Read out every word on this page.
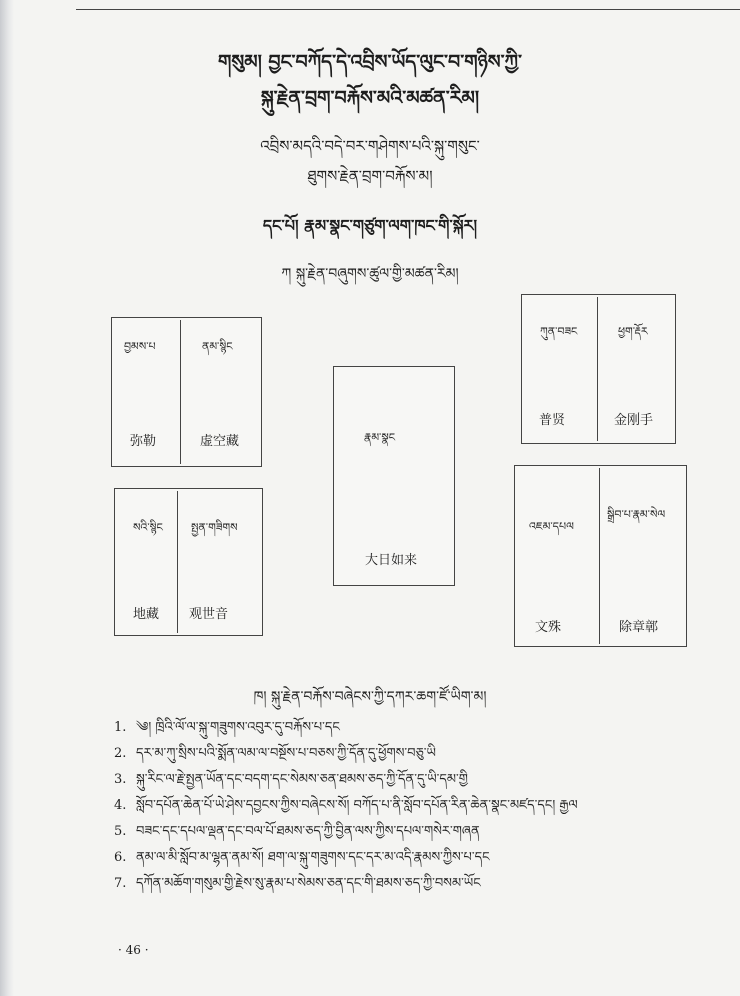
གསུམ། བྱང་བཀོད་དེ་འབྲིས་ཡོད་ལུང་བ་གཉིས་ཀྱི་
སྐུ་རྗེན་བྲག་བརྐོས་མའི་མཚན་རིམ།
འབྲིས་མདའི་བདེ་བར་གཤེགས་པའི་སྐུ་གསུང་
ཐུགས་རྗེན་བྲག་བརྐོས་མ།
དང་པོ། རྣམ་སྣང་གཙུག་ལག་ཁང་གི་སྐོར།
ཀ སྐུ་རྗེན་བཞུགས་ཚུལ་གྱི་མཚན་རིམ།
བྱམས་པ	ནམ་སྙིང
弥勒	虚空藏
སའི་སྙིང	སྤྱན་གཟིགས
地藏 观世音
རྣམ་སྣང
大日如来
ཀུན་བཟང	ཕྱག་རྡོར
普贤	金刚手
འཇམ་དཔལ
སྒྲིབ་པ་རྣམ་སེལ
文殊	除章鄣
ཁ། སྐུ་རྗེན་བརྐོས་བཞེངས་ཀྱི་དཀར་ཆག་ཛོ་ཡིག་མ།
1. ༄། ཁྲིའི་ལོ་ལ་སྐུ་གཟུགས་འབུར་དུ་བརྐོས་པ་དང
2. དར་མ་ཀུ་སྲིས་པའི་སྨོན་ལམ་ལ་བསྔོས་པ་བཅས་ཀྱི་དོན་དུ་ཕྱོགས་བཅུ་ཡི
3. སྐུ་རིང་ལ་རྗེ་སྤྱན་ཡོན་དང་བདག་དང་སེམས་ཅན་ཐམས་ཅད་ཀྱི་དོན་དུ་ཡི་དམ་གྱི
4. སློབ་དཔོན་ཆེན་པོ་ཡེ་ཤེས་དབྱངས་ཀྱིས་བཞེངས་སོ། བཀོད་པ་ནི་སློབ་དཔོན་རིན་ཆེན་སྣང་མཛད་དང། རྒྱལ
5. བཟང་དང་དཔལ་ལྡན་དང་བལ་པོ་ཐམས་ཅད་ཀྱི་བྱིན་ལས་ཀྱིས་དཔལ་གསེར་གཞན
6. ནམ་ལ་མི་སློབ་མ་ལྷན་ནམ་སོ། ཐག་ལ་སྐུ་གཟུགས་དང་དར་མ་འདི་རྣམས་ཀྱིས་པ་དང
7. དཀོན་མཆོག་གསུམ་གྱི་རྗེས་སུ་རྣམ་པ་སེམས་ཅན་དང་གི་ཐམས་ཅད་ཀྱི་བསམ་ཡོང
· 46 ·
